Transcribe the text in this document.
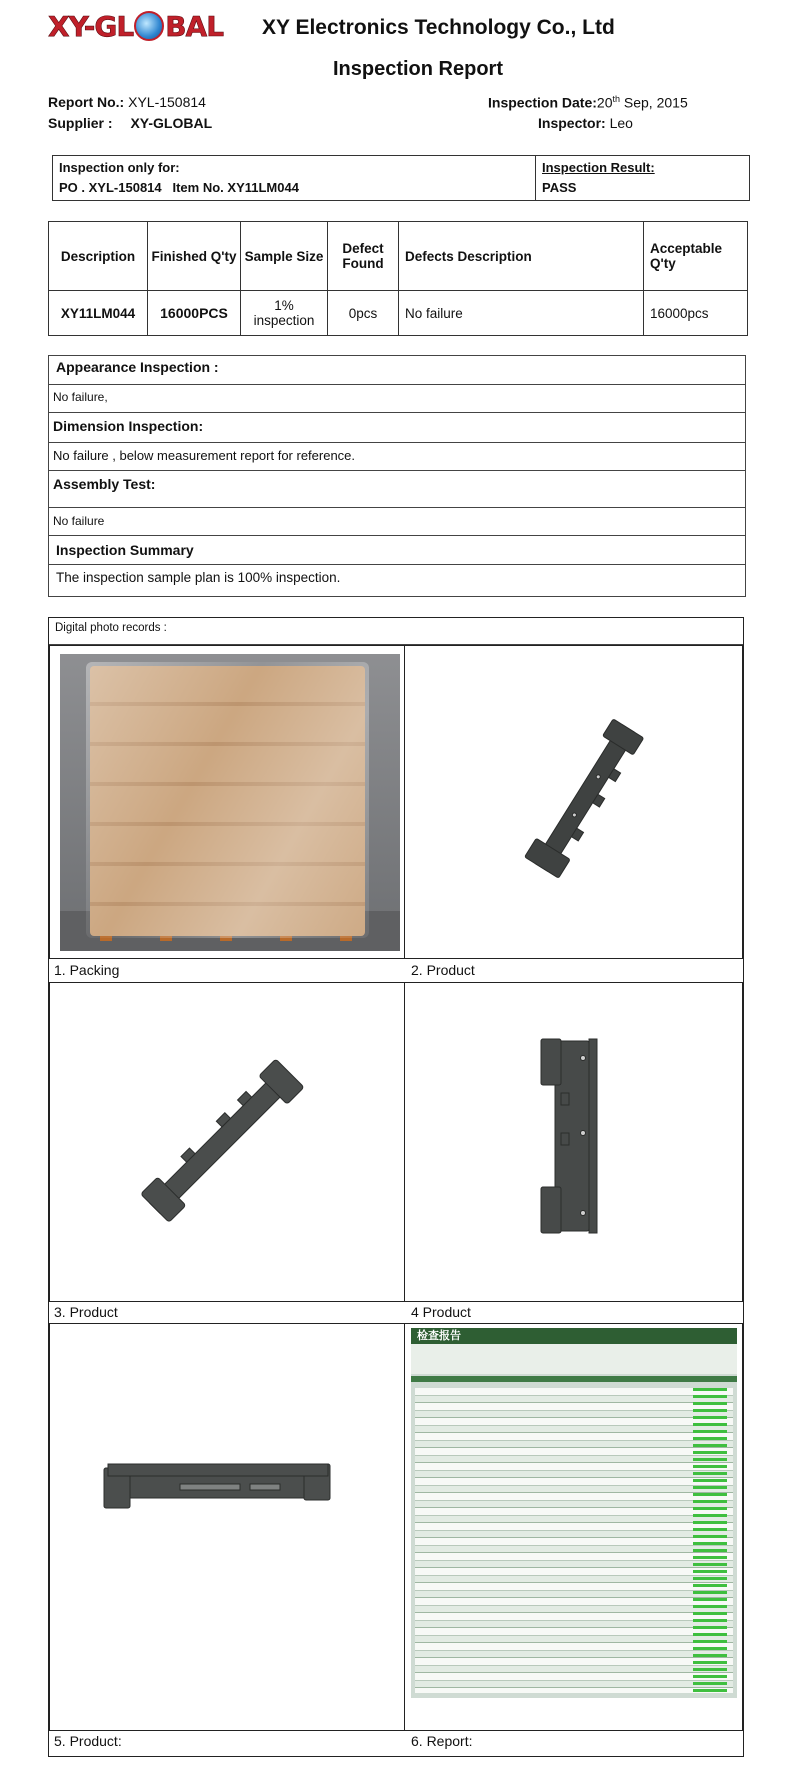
XY-GL BAL XY Electronics Technology Co., Ltd
Inspection Report
Report No.: XYL-150814
Supplier : XY-GLOBAL
Inspection Date:20th Sep, 2015
Inspector: Leo
Inspection only for:
PO . XYL-150814 Item No. XY11LM044	Inspection Result:
PASS
Description	Finished Q'ty	Sample Size	Defect Found	Defects Description	Acceptable Q'ty
XY11LM044	16000PCS	1% inspection	0pcs	No failure	16000pcs
Appearance Inspection :
No failure,
Dimension Inspection:
No failure , below measurement report for reference.
Assembly Test:
No failure
Inspection Summary
The inspection sample plan is 100% inspection.
Digital photo records :
1. Packing	2. Product
3. Product	4 Product
检查报告
5. Product:	6. Report:
